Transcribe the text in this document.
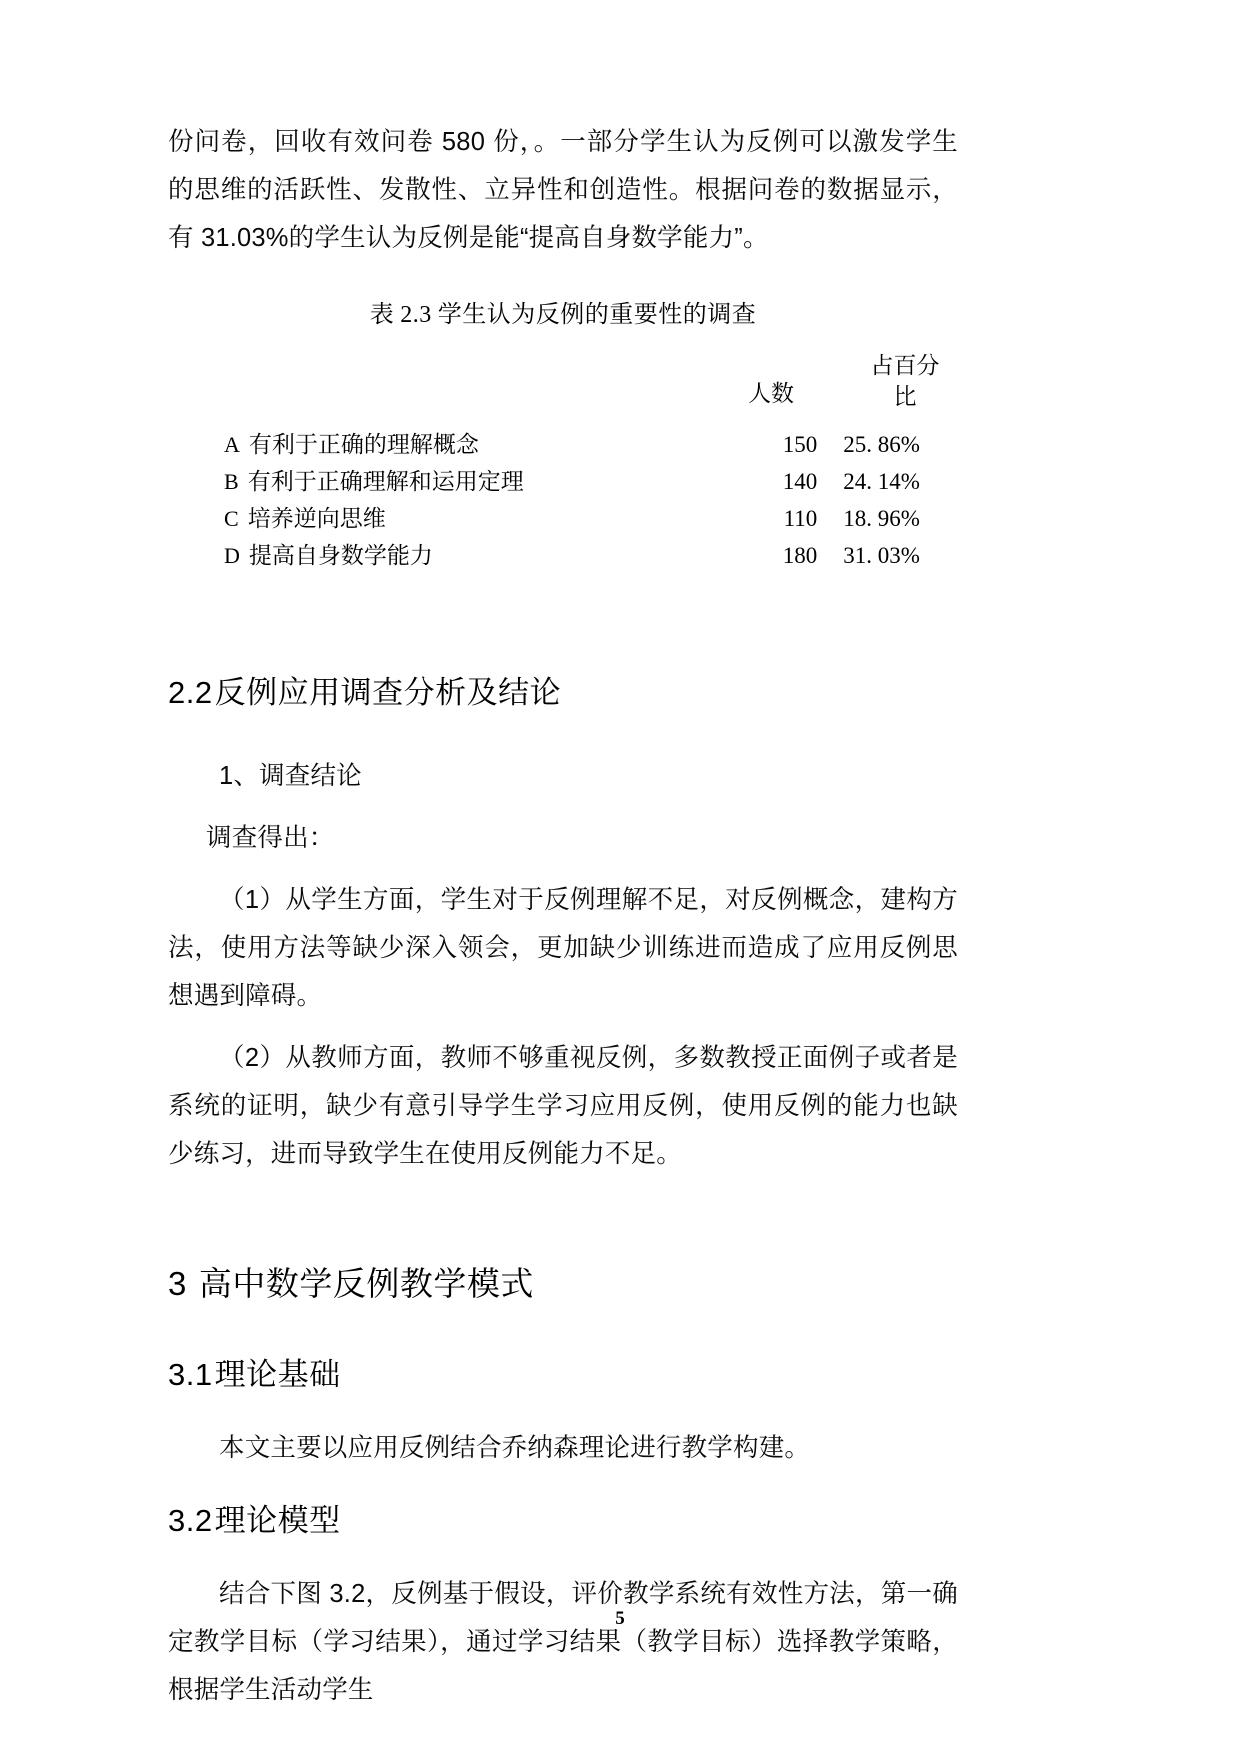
份问卷，回收有效问卷 580 份，。一部分学生认为反例可以激发学生的思维的活跃性、发散性、立异性和创造性。根据问卷的数据显示，有 31.03%的学生认为反例是能“提高自身数学能力”。

表 2.3 学生认为反例的重要性的调查

	人数	占百分
比
A 有利于正确的理解概念	150	25. 86%
B 有利于正确理解和运用定理	140	24. 14%
C 培养逆向思维	110	18. 96%
D 提高自身数学能力	180	31. 03%
2.2反例应用调查分析及结论

1、调查结论

调查得出：

（1）从学生方面，学生对于反例理解不足，对反例概念，建构方法，使用方法等缺少深入领会，更加缺少训练进而造成了应用反例思想遇到障碍。

（2）从教师方面，教师不够重视反例，多数教授正面例子或者是系统的证明，缺少有意引导学生学习应用反例，使用反例的能力也缺少练习，进而导致学生在使用反例能力不足。

3 高中数学反例教学模式
3.1理论基础

本文主要以应用反例结合乔纳森理论进行教学构建。

3.2理论模型

结合下图 3.2，反例基于假设，评价教学系统有效性方法，第一确定教学目标（学习结果），通过学习结果（教学目标）选择教学策略，根据学生活动学生

5
